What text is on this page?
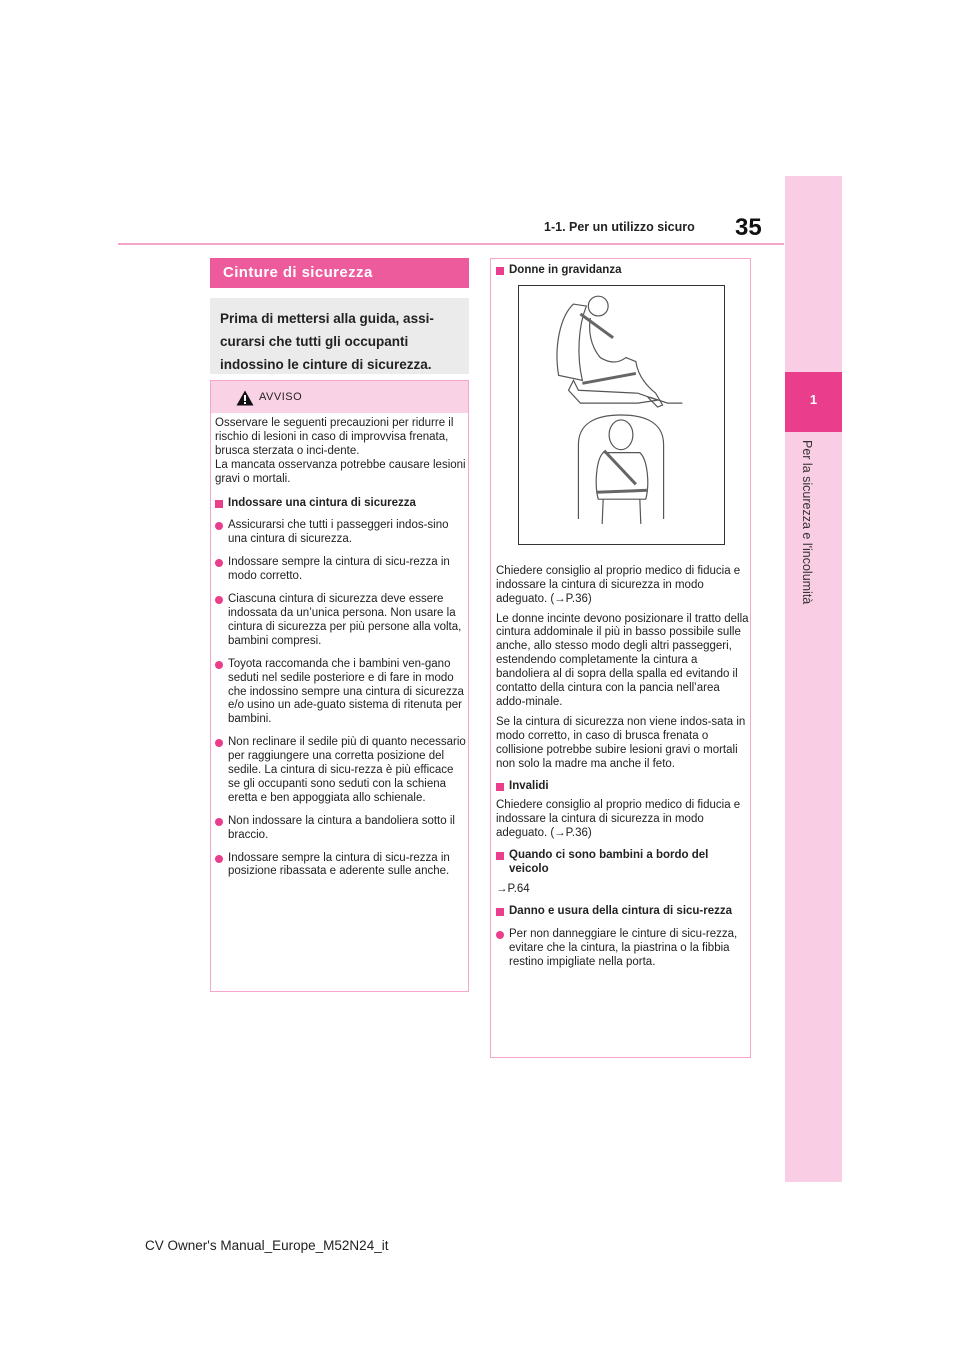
1
Per la sicurezza e l'incolumità
35
1-1. Per un utilizzo sicuro
Cinture di sicurezza

Prima di mettersi alla guida, assi-curarsi che tutti gli occupanti indossino le cinture di sicurezza.

AVVISO
Osservare le seguenti precauzioni per ridurre il rischio di lesioni in caso di improvvisa frenata, brusca sterzata o inci-dente.
La mancata osservanza potrebbe causare lesioni gravi o mortali.
Indossare una cintura di sicurezza
Assicurarsi che tutti i passeggeri indos-sino una cintura di sicurezza.
Indossare sempre la cintura di sicu-rezza in modo corretto.
Ciascuna cintura di sicurezza deve essere indossata da un’unica persona. Non usare la cintura di sicurezza per più persone alla volta, bambini compresi.
Toyota raccomanda che i bambini ven-gano seduti nel sedile posteriore e di fare in modo che indossino sempre una cintura di sicurezza e/o usino un ade-guato sistema di ritenuta per bambini.
Non reclinare il sedile più di quanto necessario per raggiungere una corretta posizione del sedile. La cintura di sicu-rezza è più efficace se gli occupanti sono seduti con la schiena eretta e ben appoggiata allo schienale.
Non indossare la cintura a bandoliera sotto il braccio.
Indossare sempre la cintura di sicu-rezza in posizione ribassata e aderente sulle anche.
Donne in gravidanza

Chiedere consiglio al proprio medico di fiducia e indossare la cintura di sicurezza in modo adeguato. (→P.36)

Le donne incinte devono posizionare il tratto della cintura addominale il più in basso possibile sulle anche, allo stesso modo degli altri passeggeri, estendendo completamente la cintura a bandoliera al di sopra della spalla ed evitando il contatto della cintura con la pancia nell’area addo-minale.

Se la cintura di sicurezza non viene indos-sata in modo corretto, in caso di brusca frenata o collisione potrebbe subire lesioni gravi o mortali non solo la madre ma anche il feto.

Invalidi

Chiedere consiglio al proprio medico di fiducia e indossare la cintura di sicurezza in modo adeguato. (→P.36)

Quando ci sono bambini a bordo del veicolo

→P.64

Danno e usura della cintura di sicu-rezza
Per non danneggiare le cinture di sicu-rezza, evitare che la cintura, la piastrina o la fibbia restino impigliate nella porta.
CV Owner's Manual_Europe_M52N24_it
